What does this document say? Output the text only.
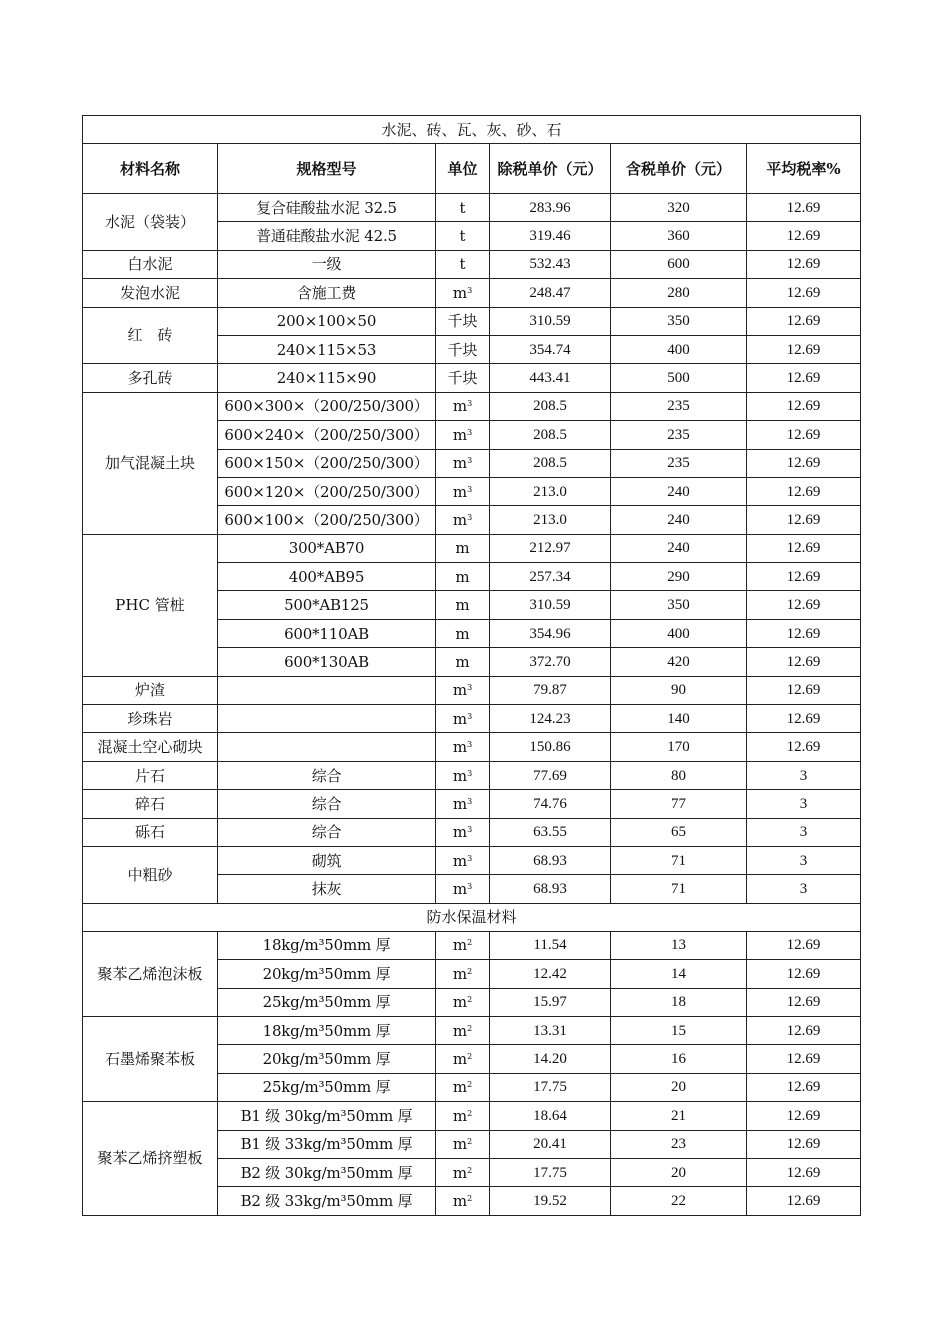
水泥、砖、瓦、灰、砂、石					
材料名称	规格型号	单位	除税单价（元）	含税单价（元）	平均税率%
水泥（袋装）	复合硅酸盐水泥 32.5	t	283.96	320	12.69
	普通硅酸盐水泥 42.5	t	319.46	360	12.69
白水泥	一级	t	532.43	600	12.69
发泡水泥	含施工费	$m^3$	248.47	280	12.69
红　砖	200×100×50	千块	310.59	350	12.69
	240×115×53	千块	354.74	400	12.69
多孔砖	240×115×90	千块	443.41	500	12.69
加气混凝土块	600×300×（200/250/300）	$m^3$	208.5	235	12.69
	600×240×（200/250/300）	$m^3$	208.5	235	12.69
	600×150×（200/250/300）	$m^3$	208.5	235	12.69
	600×120×（200/250/300）	$m^3$	213.0	240	12.69
	600×100×（200/250/300）	$m^3$	213.0	240	12.69
PHC 管桩	300*AB70	m	212.97	240	12.69
	400*AB95	m	257.34	290	12.69
	500*AB125	m	310.59	350	12.69
	600*110AB	m	354.96	400	12.69
	600*130AB	m	372.70	420	12.69
炉渣		$m^3$	79.87	90	12.69
珍珠岩		$m^3$	124.23	140	12.69
混凝土空心砌块		$m^3$	150.86	170	12.69
片石	综合	$m^3$	77.69	80	3
碎石	综合	$m^3$	74.76	77	3
砾石	综合	$m^3$	63.55	65	3
中粗砂	砌筑	$m^3$	68.93	71	3
	抹灰	$m^3$	68.93	71	3
防水保温材料					
聚苯乙烯泡沫板	18kg/m³50mm 厚	$m^2$	11.54	13	12.69
	20kg/m³50mm 厚	$m^2$	12.42	14	12.69
	25kg/m³50mm 厚	$m^2$	15.97	18	12.69
石墨烯聚苯板	18kg/m³50mm 厚	$m^2$	13.31	15	12.69
	20kg/m³50mm 厚	$m^2$	14.20	16	12.69
	25kg/m³50mm 厚	$m^2$	17.75	20	12.69
聚苯乙烯挤塑板	B1 级 30kg/m³50mm 厚	$m^2$	18.64	21	12.69
	B1 级 33kg/m³50mm 厚	$m^2$	20.41	23	12.69
	B2 级 30kg/m³50mm 厚	$m^2$	17.75	20	12.69
	B2 级 33kg/m³50mm 厚	$m^2$	19.52	22	12.69
